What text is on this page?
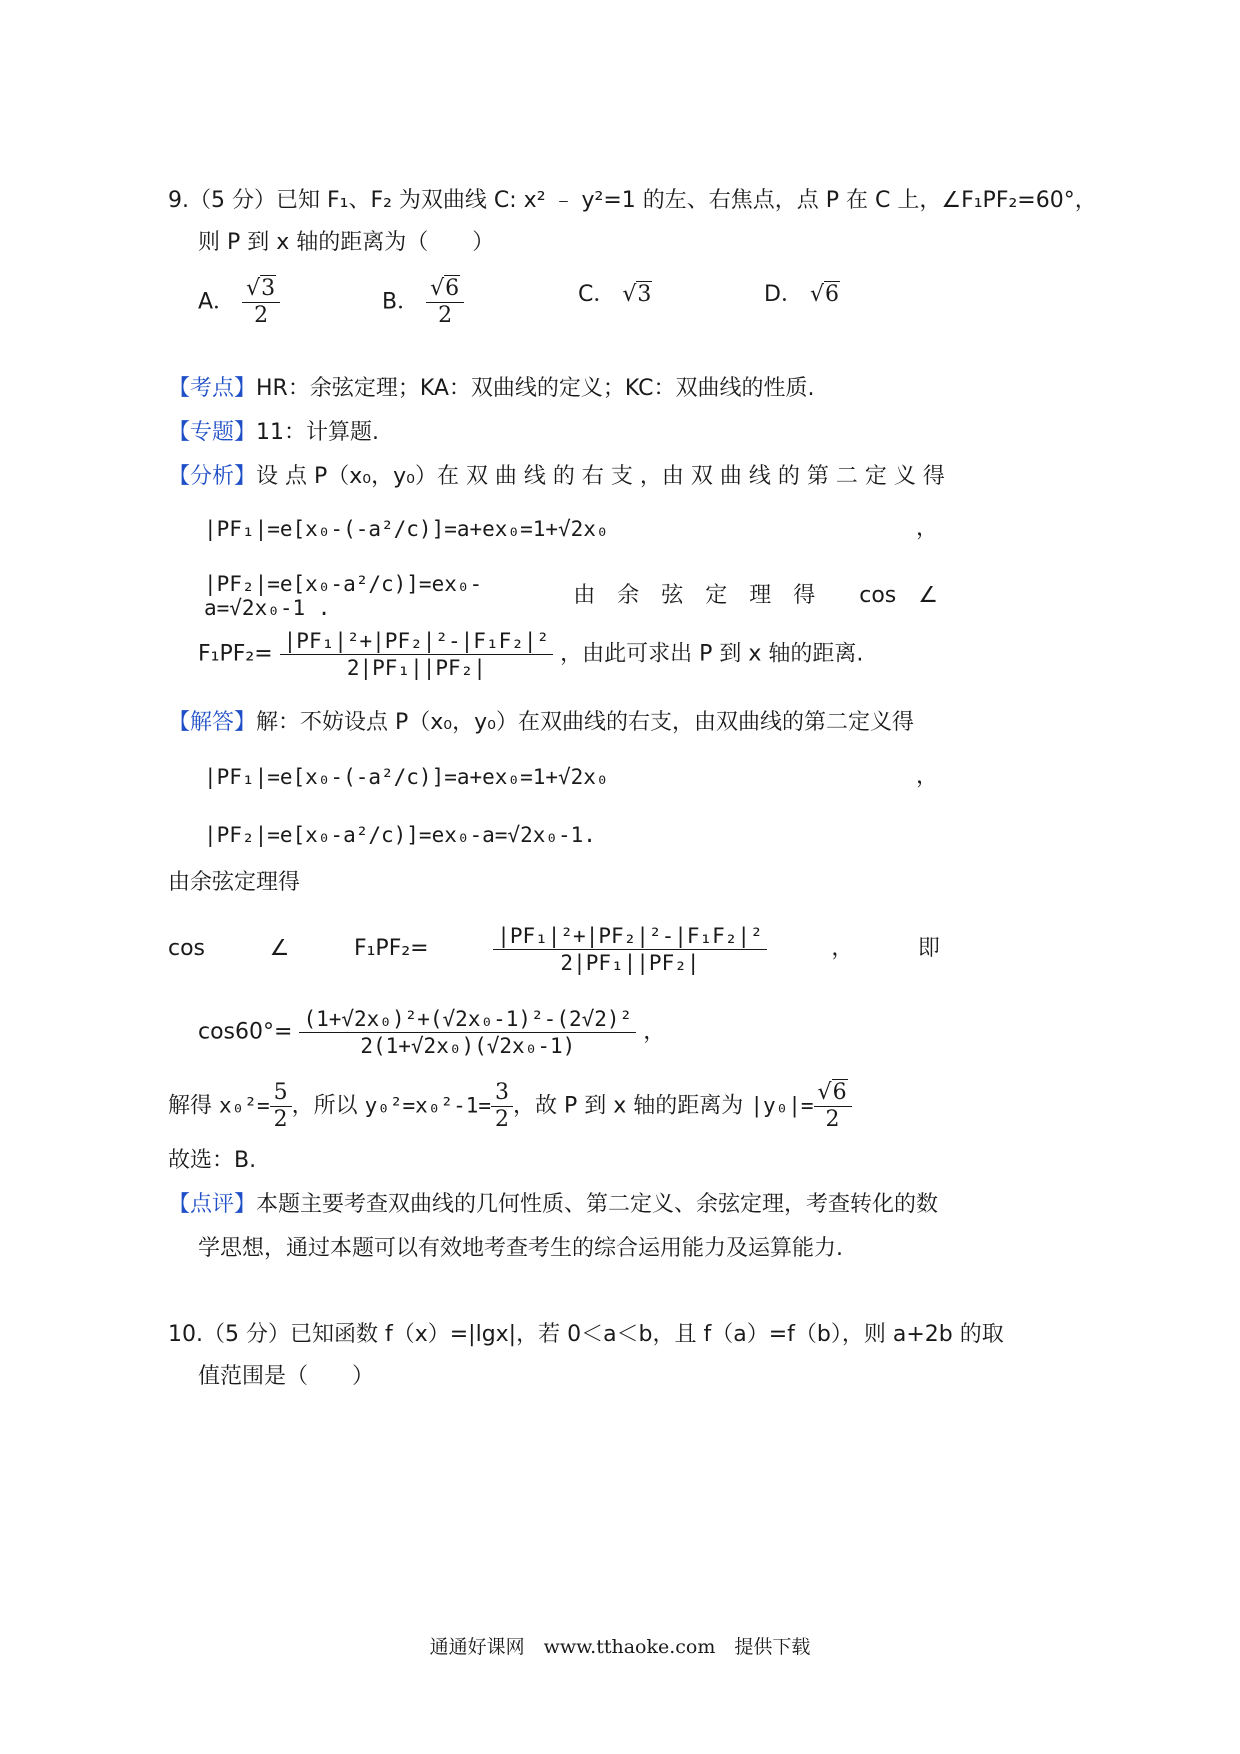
9.（5 分）已知 F₁、F₂ 为双曲线 C: x² ﹣ y²=1 的左、右焦点，点 P 在 C 上，∠F₁PF₂=60°，
则 P 到 x 轴的距离为（　　）
A． √ $\frac{3}{2}$	B． √ $\frac{6}{2}$	C． √ 3	D． √ 6
【考点】HR：余弦定理；KA：双曲线的定义；KC：双曲线的性质.
【专题】11：计算题.
【分析】设 点 P（x₀，y₀）在 双 曲 线 的 右 支 ，由 双 曲 线 的 第 二 定 义 得
|PF₁|=e[x₀-(-a²/c)]=a+ex₀=1+√2x₀	，
|PF₂|=e[x₀-a²/c)]=ex₀-a=√2x₀-1 .	由　余　弦　定　理　得　　cos　∠
$F_1PF_2= \frac{\text{|PF₁|²+|PF₂|²-|F₁F₂|²}}{\text{2|PF₁||PF₂|}}$ ，由此可求出 P 到 x 轴的距离.
【解答】解：不妨设点 P（x₀，y₀）在双曲线的右支，由双曲线的第二定义得
|PF₁|=e[x₀-(-a²/c)]=a+ex₀=1+√2x₀	，
|PF₂|=e[x₀-a²/c)]=ex₀-a=√2x₀-1.
由余弦定理得
cos	∠	F₁PF₂=	$\frac{\text{|PF₁|²+|PF₂|²-|F₁F₂|²}}{\text{2|PF₁||PF₂|}}$	，	即
$\cos 60^\circ= \frac{\text{(1+√2x₀)²+(√2x₀-1)²-(2√2)²}}{\text{2(1+√2x₀)(√2x₀-1)}}$ ，
解得 $x_0^2= \frac{5}{2}$ ，所以 $y_0^2=x_0^2-1= \frac{3}{2}$ ，故 P 到 x 轴的距离为 |y₀|= √ $\frac{6}{2}$
故选：B.
【点评】本题主要考查双曲线的几何性质、第二定义、余弦定理，考查转化的数
学思想，通过本题可以有效地考查考生的综合运用能力及运算能力.
10.（5 分）已知函数 f（x）=|lgx|，若 0＜a＜b，且 f（a）=f（b），则 a+2b 的取
值范围是（　　）
通通好课网　www.tthaoke.com　提供下载
